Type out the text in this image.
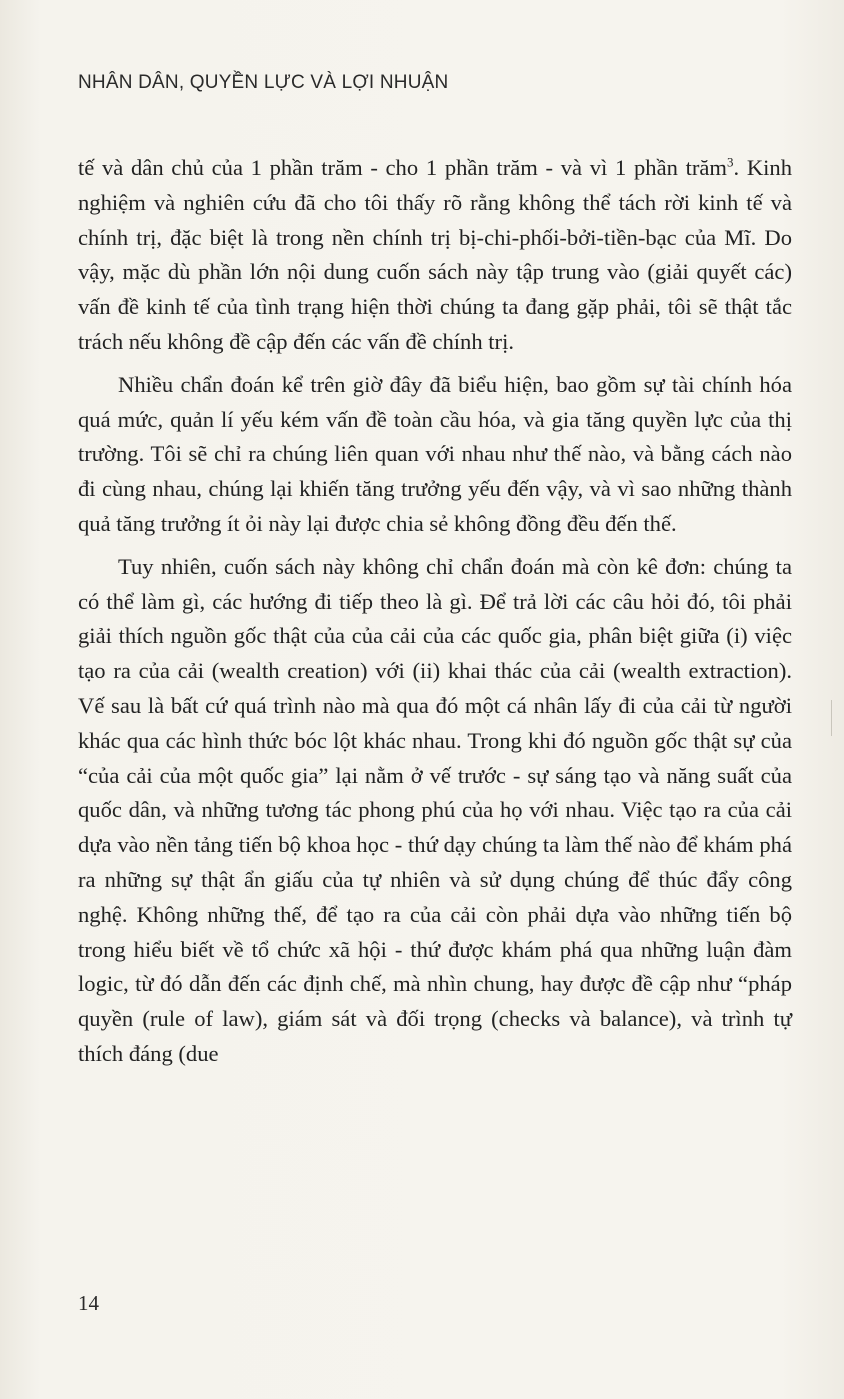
NHÂN DÂN, QUYỀN LỰC VÀ LỢI NHUẬN

tế và dân chủ của 1 phần trăm - cho 1 phần trăm - và vì 1 phần trăm$^3$. Kinh nghiệm và nghiên cứu đã cho tôi thấy rõ rằng không thể tách rời kinh tế và chính trị, đặc biệt là trong nền chính trị bị-chi-phối-bởi-tiền-bạc của Mĩ. Do vậy, mặc dù phần lớn nội dung cuốn sách này tập trung vào (giải quyết các) vấn đề kinh tế của tình trạng hiện thời chúng ta đang gặp phải, tôi sẽ thật tắc trách nếu không đề cập đến các vấn đề chính trị.

Nhiều chẩn đoán kể trên giờ đây đã biểu hiện, bao gồm sự tài chính hóa quá mức, quản lí yếu kém vấn đề toàn cầu hóa, và gia tăng quyền lực của thị trường. Tôi sẽ chỉ ra chúng liên quan với nhau như thế nào, và bằng cách nào đi cùng nhau, chúng lại khiến tăng trưởng yếu đến vậy, và vì sao những thành quả tăng trưởng ít ỏi này lại được chia sẻ không đồng đều đến thế.

Tuy nhiên, cuốn sách này không chỉ chẩn đoán mà còn kê đơn: chúng ta có thể làm gì, các hướng đi tiếp theo là gì. Để trả lời các câu hỏi đó, tôi phải giải thích nguồn gốc thật của của cải của các quốc gia, phân biệt giữa (i) việc tạo ra của cải (wealth creation) với (ii) khai thác của cải (wealth extraction). Vế sau là bất cứ quá trình nào mà qua đó một cá nhân lấy đi của cải từ người khác qua các hình thức bóc lột khác nhau. Trong khi đó nguồn gốc thật sự của “của cải của một quốc gia” lại nằm ở vế trước - sự sáng tạo và năng suất của quốc dân, và những tương tác phong phú của họ với nhau. Việc tạo ra của cải dựa vào nền tảng tiến bộ khoa học - thứ dạy chúng ta làm thế nào để khám phá ra những sự thật ẩn giấu của tự nhiên và sử dụng chúng để thúc đẩy công nghệ. Không những thế, để tạo ra của cải còn phải dựa vào những tiến bộ trong hiểu biết về tổ chức xã hội - thứ được khám phá qua những luận đàm logic, từ đó dẫn đến các định chế, mà nhìn chung, hay được đề cập như “pháp quyền (rule of law), giám sát và đối trọng (checks và balance), và trình tự thích đáng (due

14
